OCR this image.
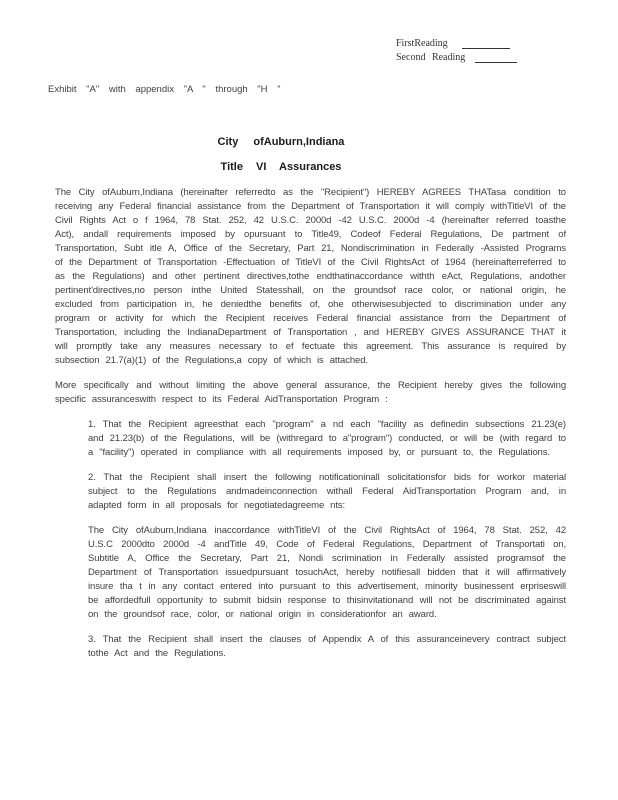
FirstReading
Second Reading
Exhibit "A" with appendix "A " through "H "
City ofAuburn,Indiana
Title VI Assurances

The City ofAuburn,Indiana (hereinafter referredto as the "Recipient") HEREBY AGREES THATasa condition to receiving any Federal financial assistance from the Department of Transportation it will comply withTitleVI of the Civil Rights Act o f 1964, 78 Stat. 252, 42 U.S.C. 2000d -42 U.S.C. 2000d -4 (hereinafter referred toasthe Act), andall requirements imposed by opursuant to Title49, Codeof Federal Regulations, De partment of Transportation, Subt itle A, Office of the Secretary, Part 21, Nondiscrimination in Federally -Assisted Programs of the Department of Transportation -Effectuation of TitleVI of the Civil RightsAct of 1964 (hereinafterreferred to as the Regulations) and other pertinent directives,tothe endthatinaccordance withth eAct, Regulations, andother pertinent'directives,no person inthe United Statesshall, on the groundsof race color, or national origin, he excluded from participation in, he deniedthe benefits of, ohe otherwisesubjected to discrimination under any program or activity for which the Recipient receives Federal financial assistance from the Department of Transportation, including the IndianaDepartment of Transportation , and HEREBY GIVES ASSURANCE THAT it will promptly take any measures necessary to ef fectuate this agreement. This assurance is required by subsection 21.7(a)(1) of the Regulations,a copy of which is attached.

More specifically and without limiting the above general assurance, the Recipient hereby gives the following specific assuranceswith respect to its Federal AidTransportation Program :

1. That the Recipient agreesthat each "program" a nd each "facility as definedin subsections 21.23(e) and 21.23(b) of the Regulations, will be (withregard to a"program") conducted, or will be (with regard to a "facility") operated in compliance with all requirements imposed by, or pursuant to, the Regulations.

2. That the Recipient shall insert the following notificationinall solicitationsfor bids for workor material subject to the Regulations andmadeinconnection withall Federal AidTransportation Program and, in adapted form in all proposals for negotiatedagreeme nts:

The City ofAuburn,Indiana inaccordance withTitleVI of the Civil RightsAct of 1964, 78 Stat. 252, 42 U.S.C 2000dto 2000d -4 andTitle 49, Code of Federal Regulations, Department of Transportati on, Subtitle A, Office the Secretary, Part 21, Nondi scrimination in Federally assisted programsof the Department of Transportation issuedpursuant tosuchAct, hereby notifiesall bidden that it will affirmatively insure tha t in any contact entered into pursuant to this advertisement, minority businessent erpriseswill be affordedfull opportunity to submit bidsin response to thisinvitationand will not be discriminated against on the groundsof race, color, or national origin in considerationfor an award.

3. That the Recipient shall insert the clauses of Appendix A of this assuranceinevery contract subject tothe Act and the Regulations.
